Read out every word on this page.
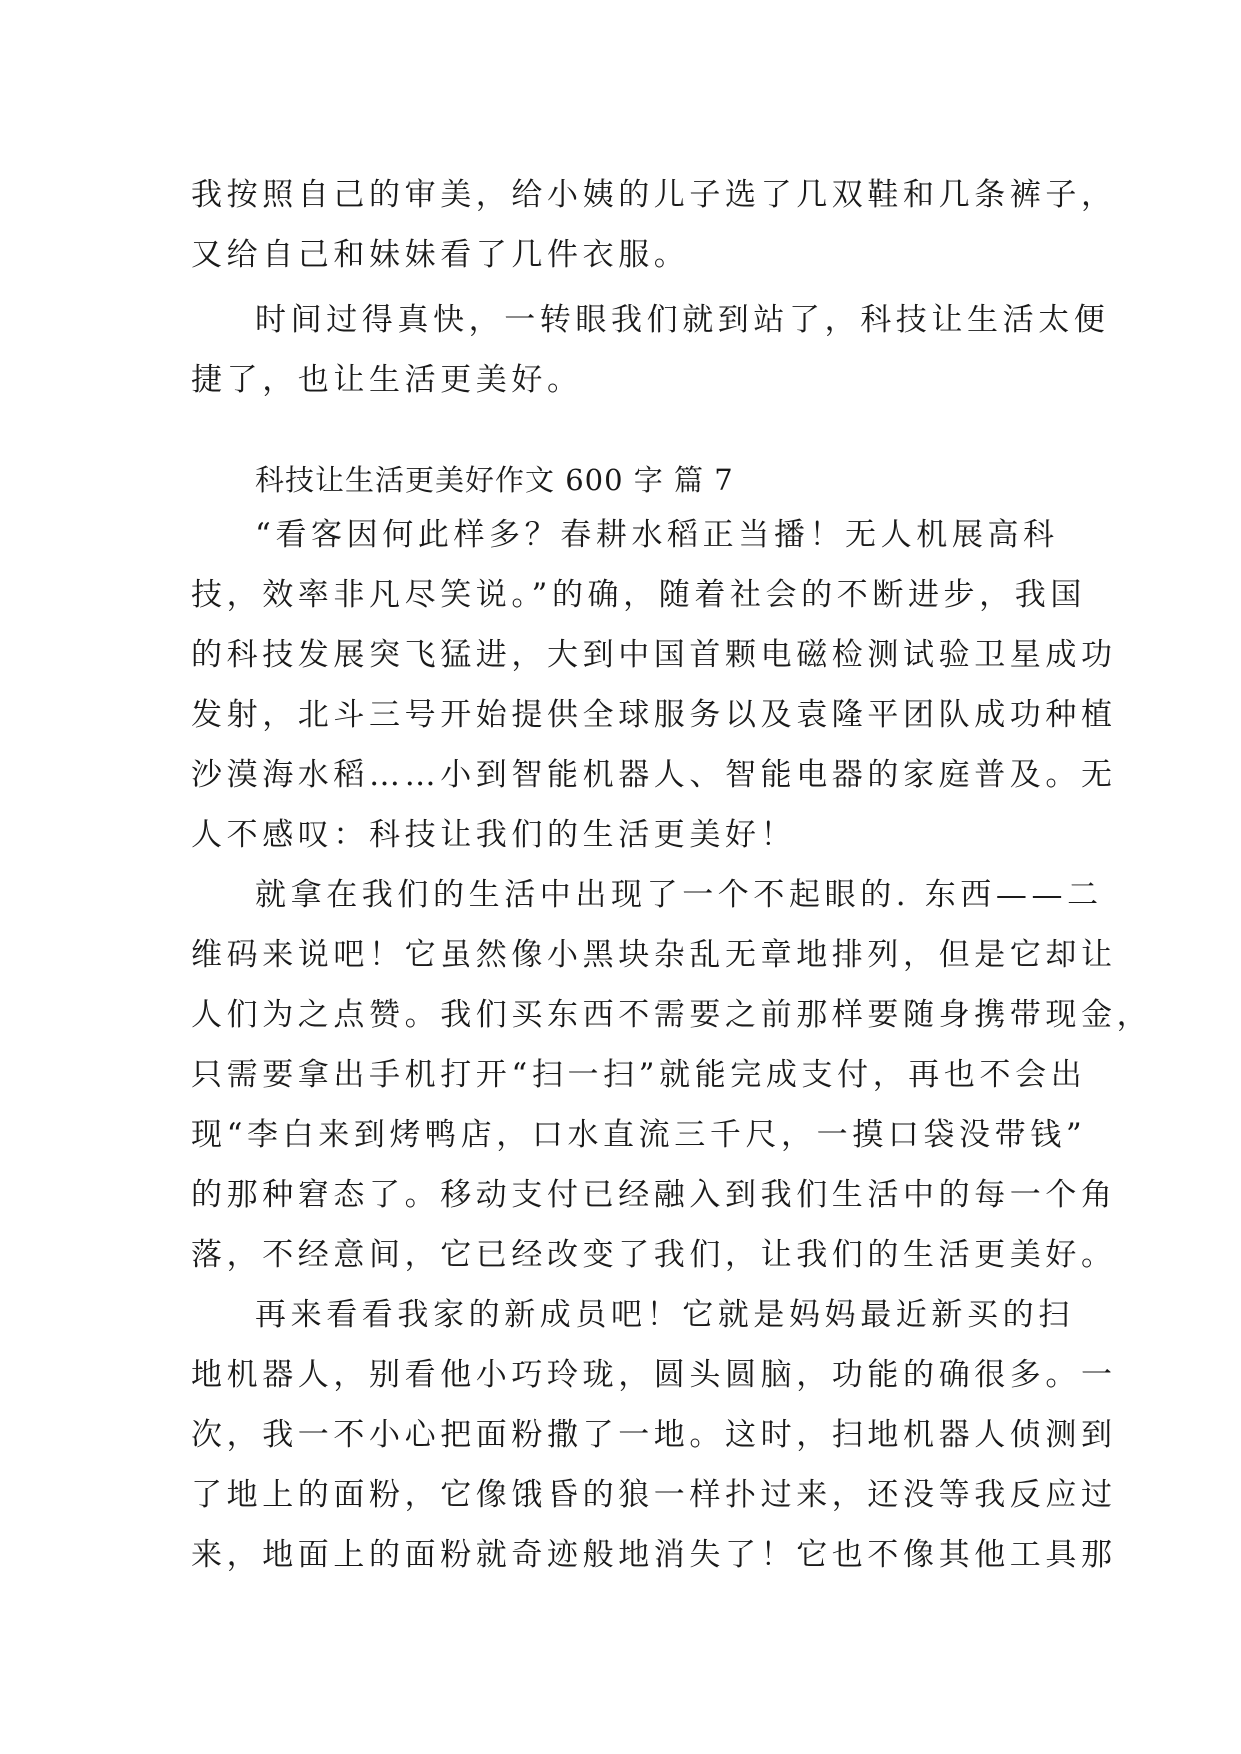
我按照自己的审美，给小姨的儿子选了几双鞋和几条裤子，
又给自己和妹妹看了几件衣服。
时间过得真快，一转眼我们就到站了，科技让生活太便
捷了，也让生活更美好。
科技让生活更美好作文 600 字 篇 7
“看客因何此样多？春耕水稻正当播！无人机展高科
技，效率非凡尽笑说。”的确，随着社会的不断进步，我国
的科技发展突飞猛进，大到中国首颗电磁检测试验卫星成功
发射，北斗三号开始提供全球服务以及袁隆平团队成功种植
沙漠海水稻……小到智能机器人、智能电器的家庭普及。无
人不感叹：科技让我们的生活更美好！
就拿在我们的生活中出现了一个不起眼的. 东西——二
维码来说吧！它虽然像小黑块杂乱无章地排列，但是它却让
人们为之点赞。我们买东西不需要之前那样要随身携带现金，
只需要拿出手机打开“扫一扫”就能完成支付，再也不会出
现“李白来到烤鸭店，口水直流三千尺，一摸口袋没带钱”
的那种窘态了。移动支付已经融入到我们生活中的每一个角
落，不经意间，它已经改变了我们，让我们的生活更美好。
再来看看我家的新成员吧！它就是妈妈最近新买的扫
地机器人，别看他小巧玲珑，圆头圆脑，功能的确很多。一
次，我一不小心把面粉撒了一地。这时，扫地机器人侦测到
了地上的面粉，它像饿昏的狼一样扑过来，还没等我反应过
来，地面上的面粉就奇迹般地消失了！它也不像其他工具那
